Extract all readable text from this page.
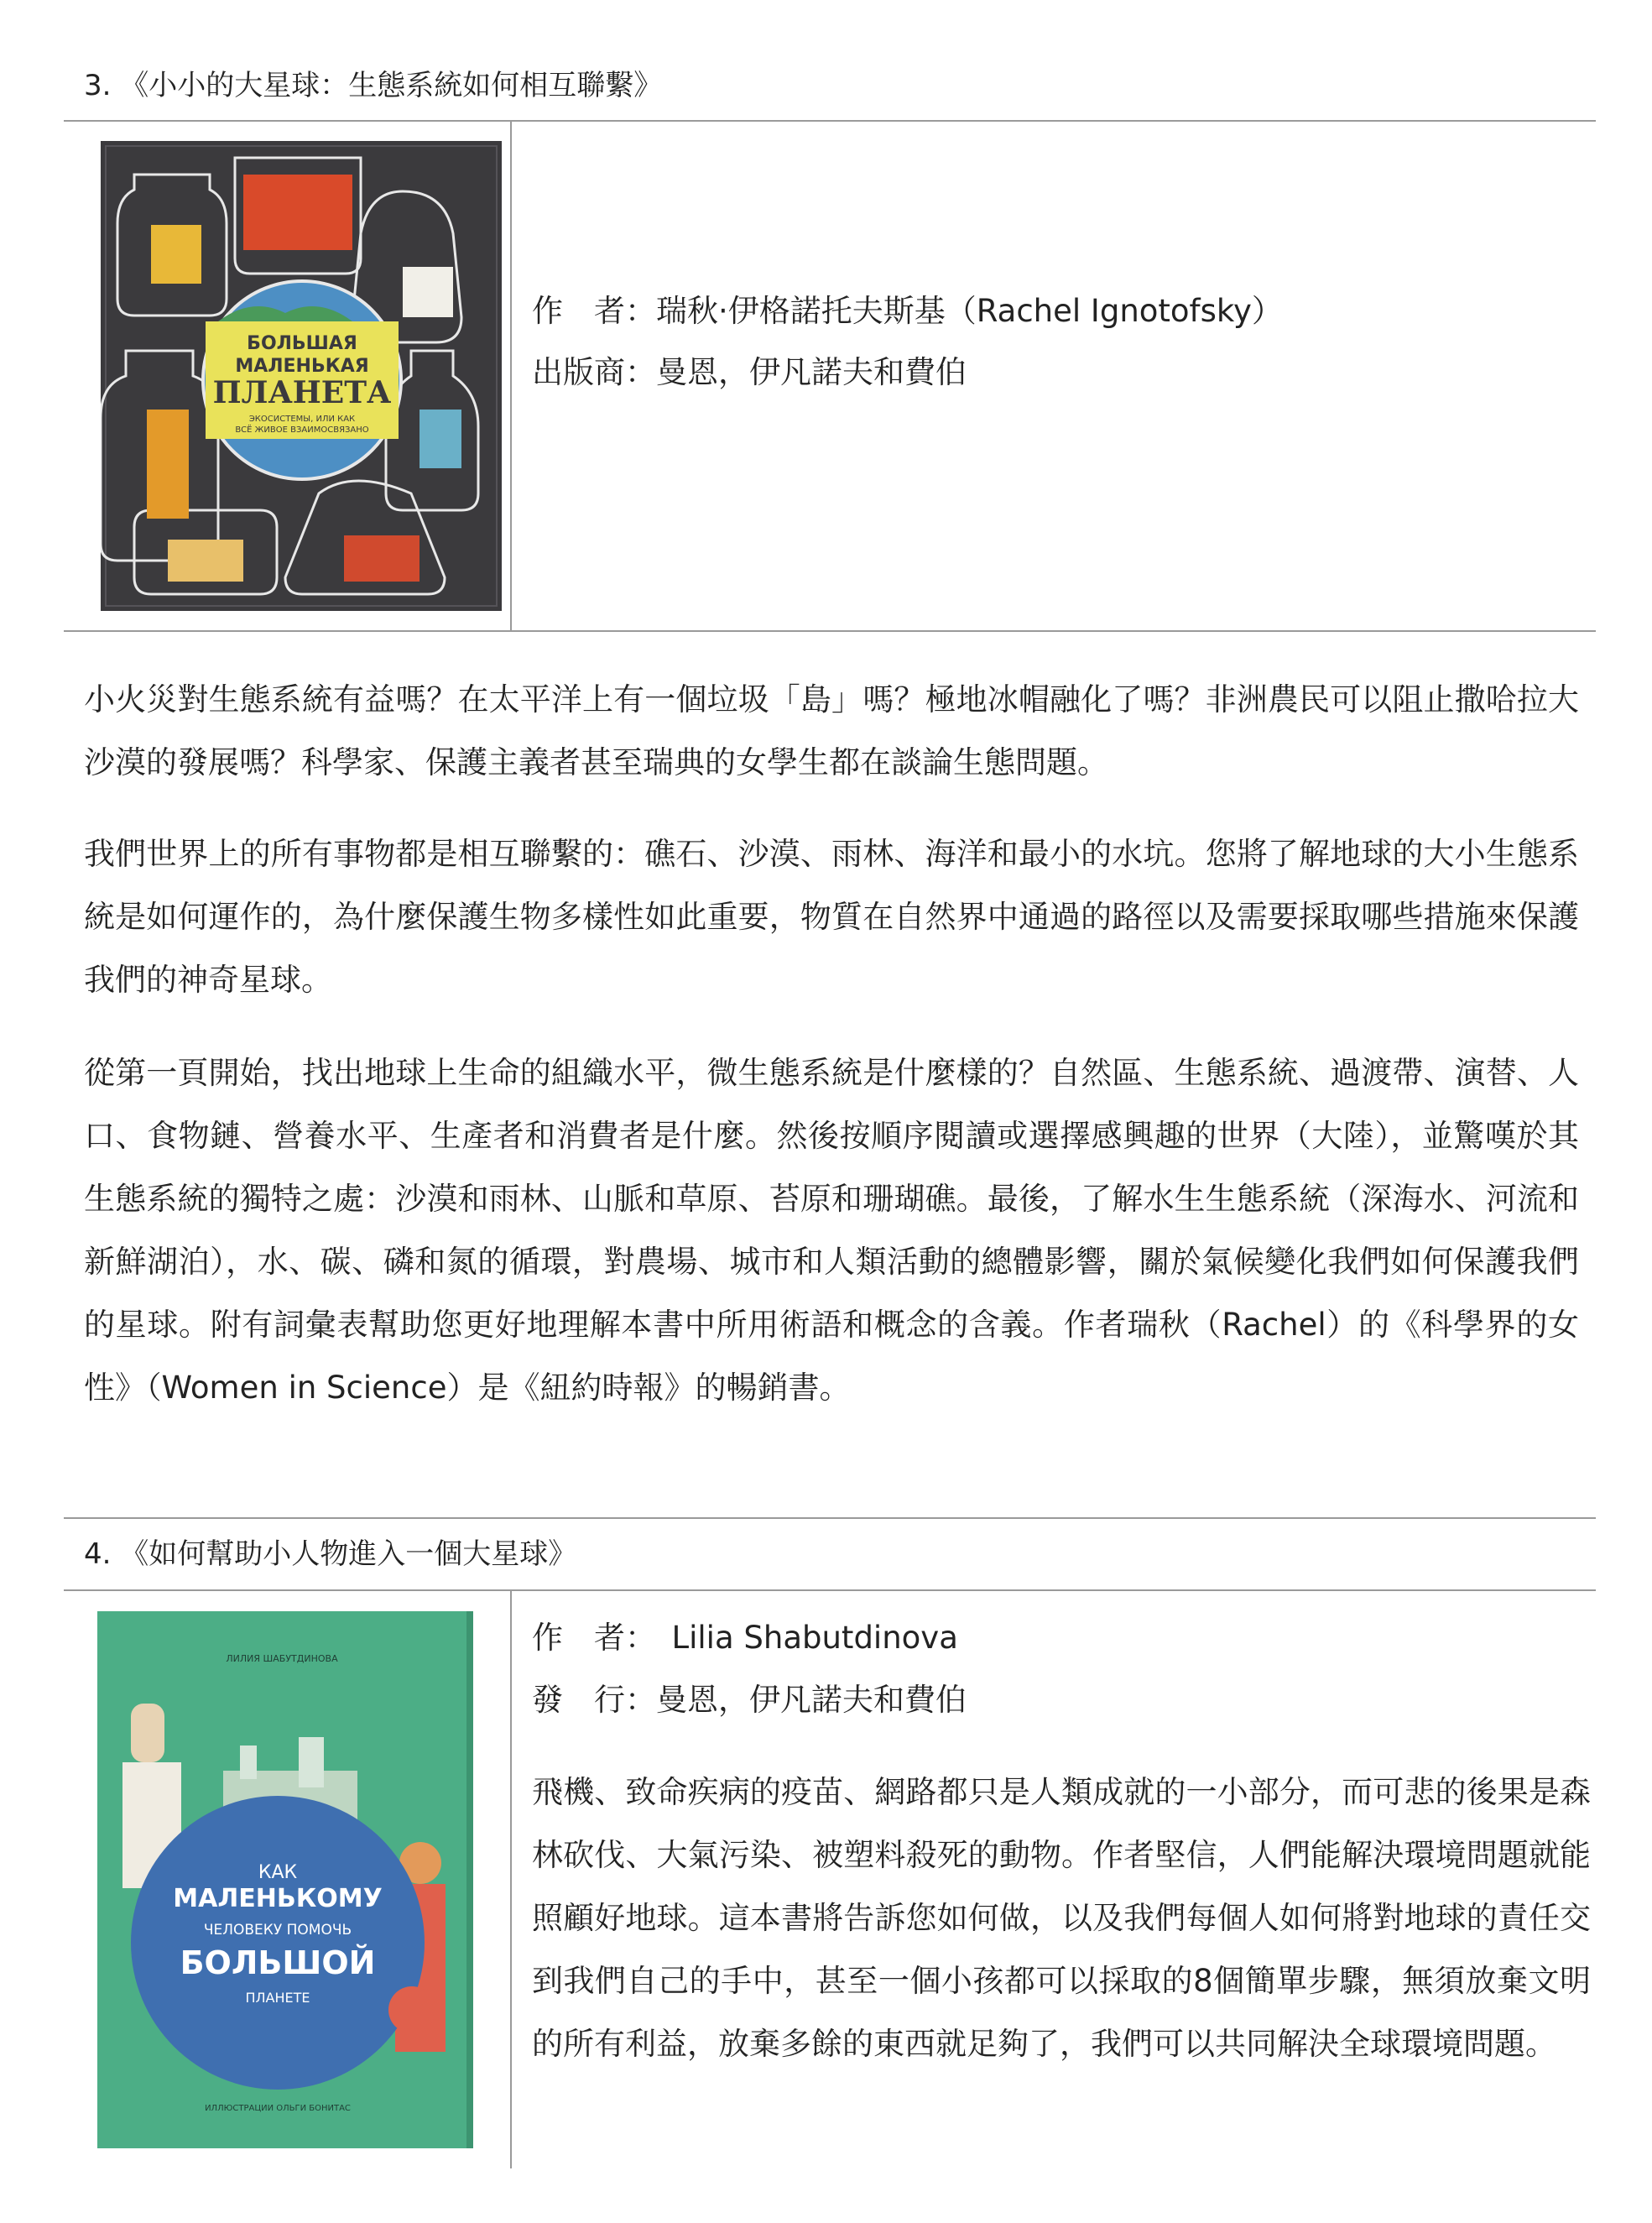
3. 《小小的大星球：生態系統如何相互聯繫》
БОЛЬШАЯ
МАЛЕНЬКАЯ
ПЛАНЕТА
ЭКОСИСТЕМЫ, ИЛИ КАК
ВСЁ ЖИВОЕ ВЗАИМОСВЯЗАНО
作　者：瑞秋·伊格諾托夫斯基（Rachel Ignotofsky）
出版商：曼恩，伊凡諾夫和費伯

小火災對生態系統有益嗎？在太平洋上有一個垃圾「島」嗎？極地冰帽融化了嗎？非洲農民可以阻止撒哈拉大沙漠的發展嗎？科學家、保護主義者甚至瑞典的女學生都在談論生態問題。

我們世界上的所有事物都是相互聯繫的：礁石、沙漠、雨林、海洋和最小的水坑。您將了解地球的大小生態系統是如何運作的，為什麼保護生物多樣性如此重要，物質在自然界中通過的路徑以及需要採取哪些措施來保護我們的神奇星球。

從第一頁開始，找出地球上生命的組織水平，微生態系統是什麼樣的？自然區、生態系統、過渡帶、演替、人口、食物鏈、營養水平、生產者和消費者是什麼。然後按順序閱讀或選擇感興趣的世界（大陸），並驚嘆於其生態系統的獨特之處：沙漠和雨林、山脈和草原、苔原和珊瑚礁。最後，了解水生生態系統（深海水、河流和新鮮湖泊），水、碳、磷和氮的循環，對農場、城市和人類活動的總體影響，關於氣候變化我們如何保護我們的星球。附有詞彙表幫助您更好地理解本書中所用術語和概念的含義。作者瑞秋（Rachel）的《科學界的女性》（Women in Science）是《紐約時報》的暢銷書。

4. 《如何幫助小人物進入一個大星球》
ЛИЛИЯ ШАБУТДИНОВА
КАК
МАЛЕНЬКОМУ
ЧЕЛОВЕКУ ПОМОЧЬ
БОЛЬШОЙ
ПЛАНЕТЕ
ИЛЛЮСТРАЦИИ ОЛЬГИ БОНИТАС
作　者：　Lilia Shabutdinova
發　行：曼恩，伊凡諾夫和費伯
飛機、致命疾病的疫苗、網路都只是人類成就的一小部分，而可悲的後果是森林砍伐、大氣污染、被塑料殺死的動物。作者堅信，人們能解決環境問題就能照顧好地球。這本書將告訴您如何做，以及我們每個人如何將對地球的責任交到我們自己的手中，甚至一個小孩都可以採取的8個簡單步驟，無須放棄文明的所有利益，放棄多餘的東西就足夠了，我們可以共同解決全球環境問題。
